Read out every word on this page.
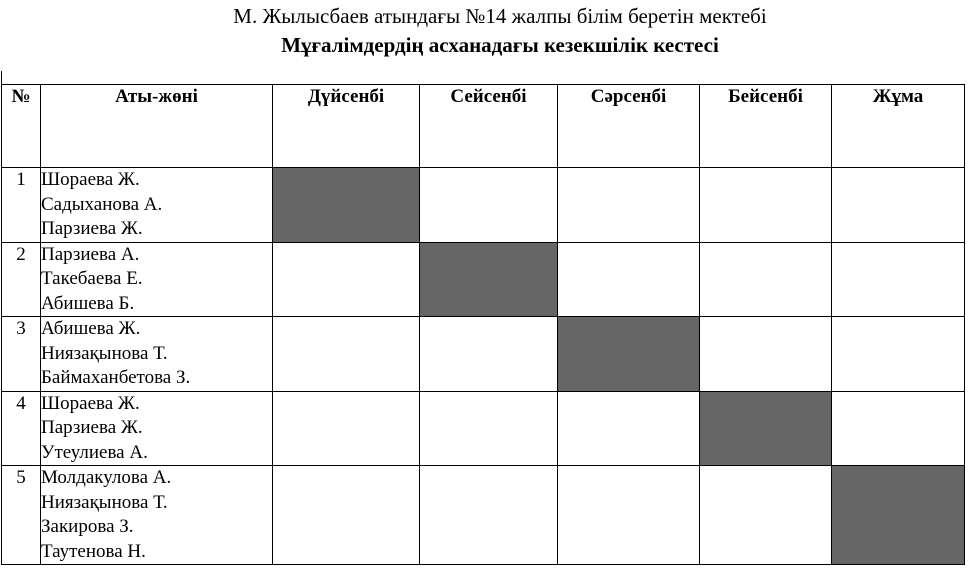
М. Жылысбаев атындағы №14 жалпы білім беретін мектебі
Мұғалімдердің асханадағы кезекшілік кестесі
№	Аты-жөні	Дүйсенбі	Сейсенбі	Сәрсенбі	Бейсенбі	Жұма
1	Шораева Ж.
Садыханова А.
Парзиева Ж.					

2	Парзиева А.
Такебаева Е.
Абишева Б.					

3	Абишева Ж.
Ниязақынова Т.
Баймаханбетова З.					

4	Шораева Ж.
Парзиева Ж.
Утеулиева А.					

5	Молдакулова А.
Ниязақынова Т.
Закирова З.
Таутенова Н.					
